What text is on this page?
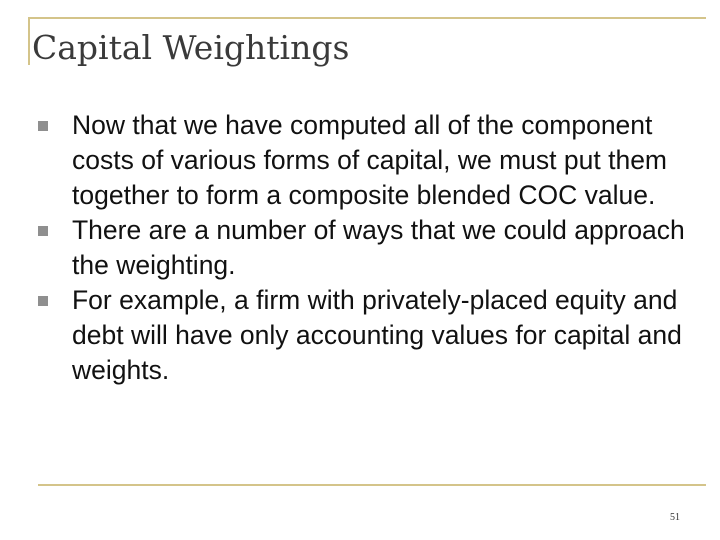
Capital Weightings
Now that we have computed all of the component costs of various forms of capital, we must put them together to form a composite blended COC value.
There are a number of ways that we could approach the weighting.
For example, a firm with privately-placed equity and debt will have only accounting values for capital and weights.
51
